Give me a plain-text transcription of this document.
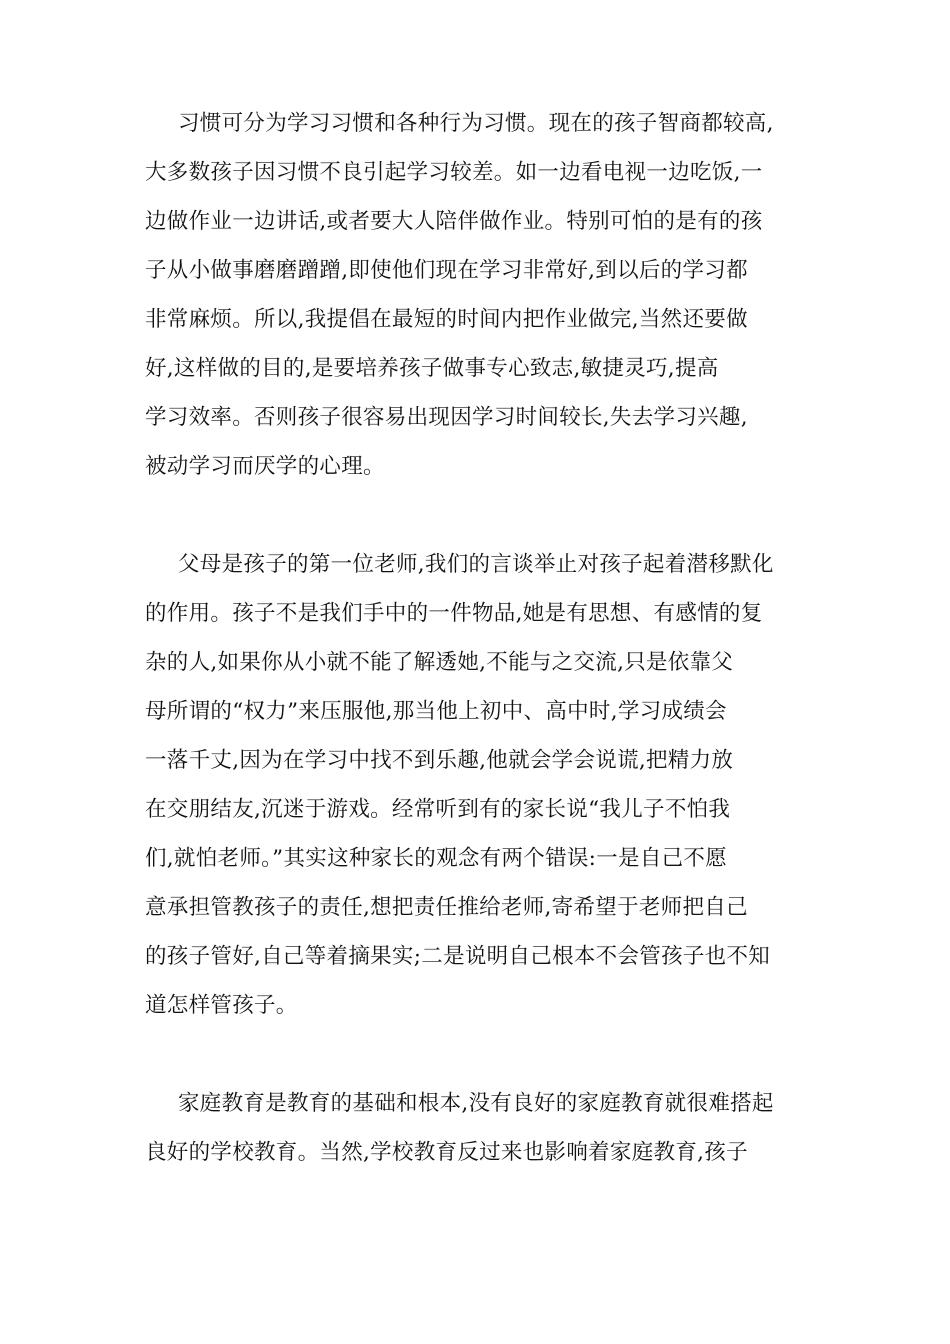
习惯可分为学习习惯和各种行为习惯。现在的孩子智商都较高,
大多数孩子因习惯不良引起学习较差。如一边看电视一边吃饭,一
边做作业一边讲话,或者要大人陪伴做作业。特别可怕的是有的孩
子从小做事磨磨蹭蹭,即使他们现在学习非常好,到以后的学习都
非常麻烦。所以,我提倡在最短的时间内把作业做完,当然还要做
好,这样做的目的,是要培养孩子做事专心致志,敏捷灵巧,提高
学习效率。否则孩子很容易出现因学习时间较长,失去学习兴趣,
被动学习而厌学的心理。
父母是孩子的第一位老师,我们的言谈举止对孩子起着潜移默化
的作用。孩子不是我们手中的一件物品,她是有思想、有感情的复
杂的人,如果你从小就不能了解透她,不能与之交流,只是依靠父
母所谓的“权力”来压服他,那当他上初中、高中时,学习成绩会
一落千丈,因为在学习中找不到乐趣,他就会学会说谎,把精力放
在交朋结友,沉迷于游戏。经常听到有的家长说“我儿子不怕我
们,就怕老师。”其实这种家长的观念有两个错误:一是自己不愿
意承担管教孩子的责任,想把责任推给老师,寄希望于老师把自己
的孩子管好,自己等着摘果实;二是说明自己根本不会管孩子也不知
道怎样管孩子。
家庭教育是教育的基础和根本,没有良好的家庭教育就很难搭起
良好的学校教育。当然,学校教育反过来也影响着家庭教育,孩子
